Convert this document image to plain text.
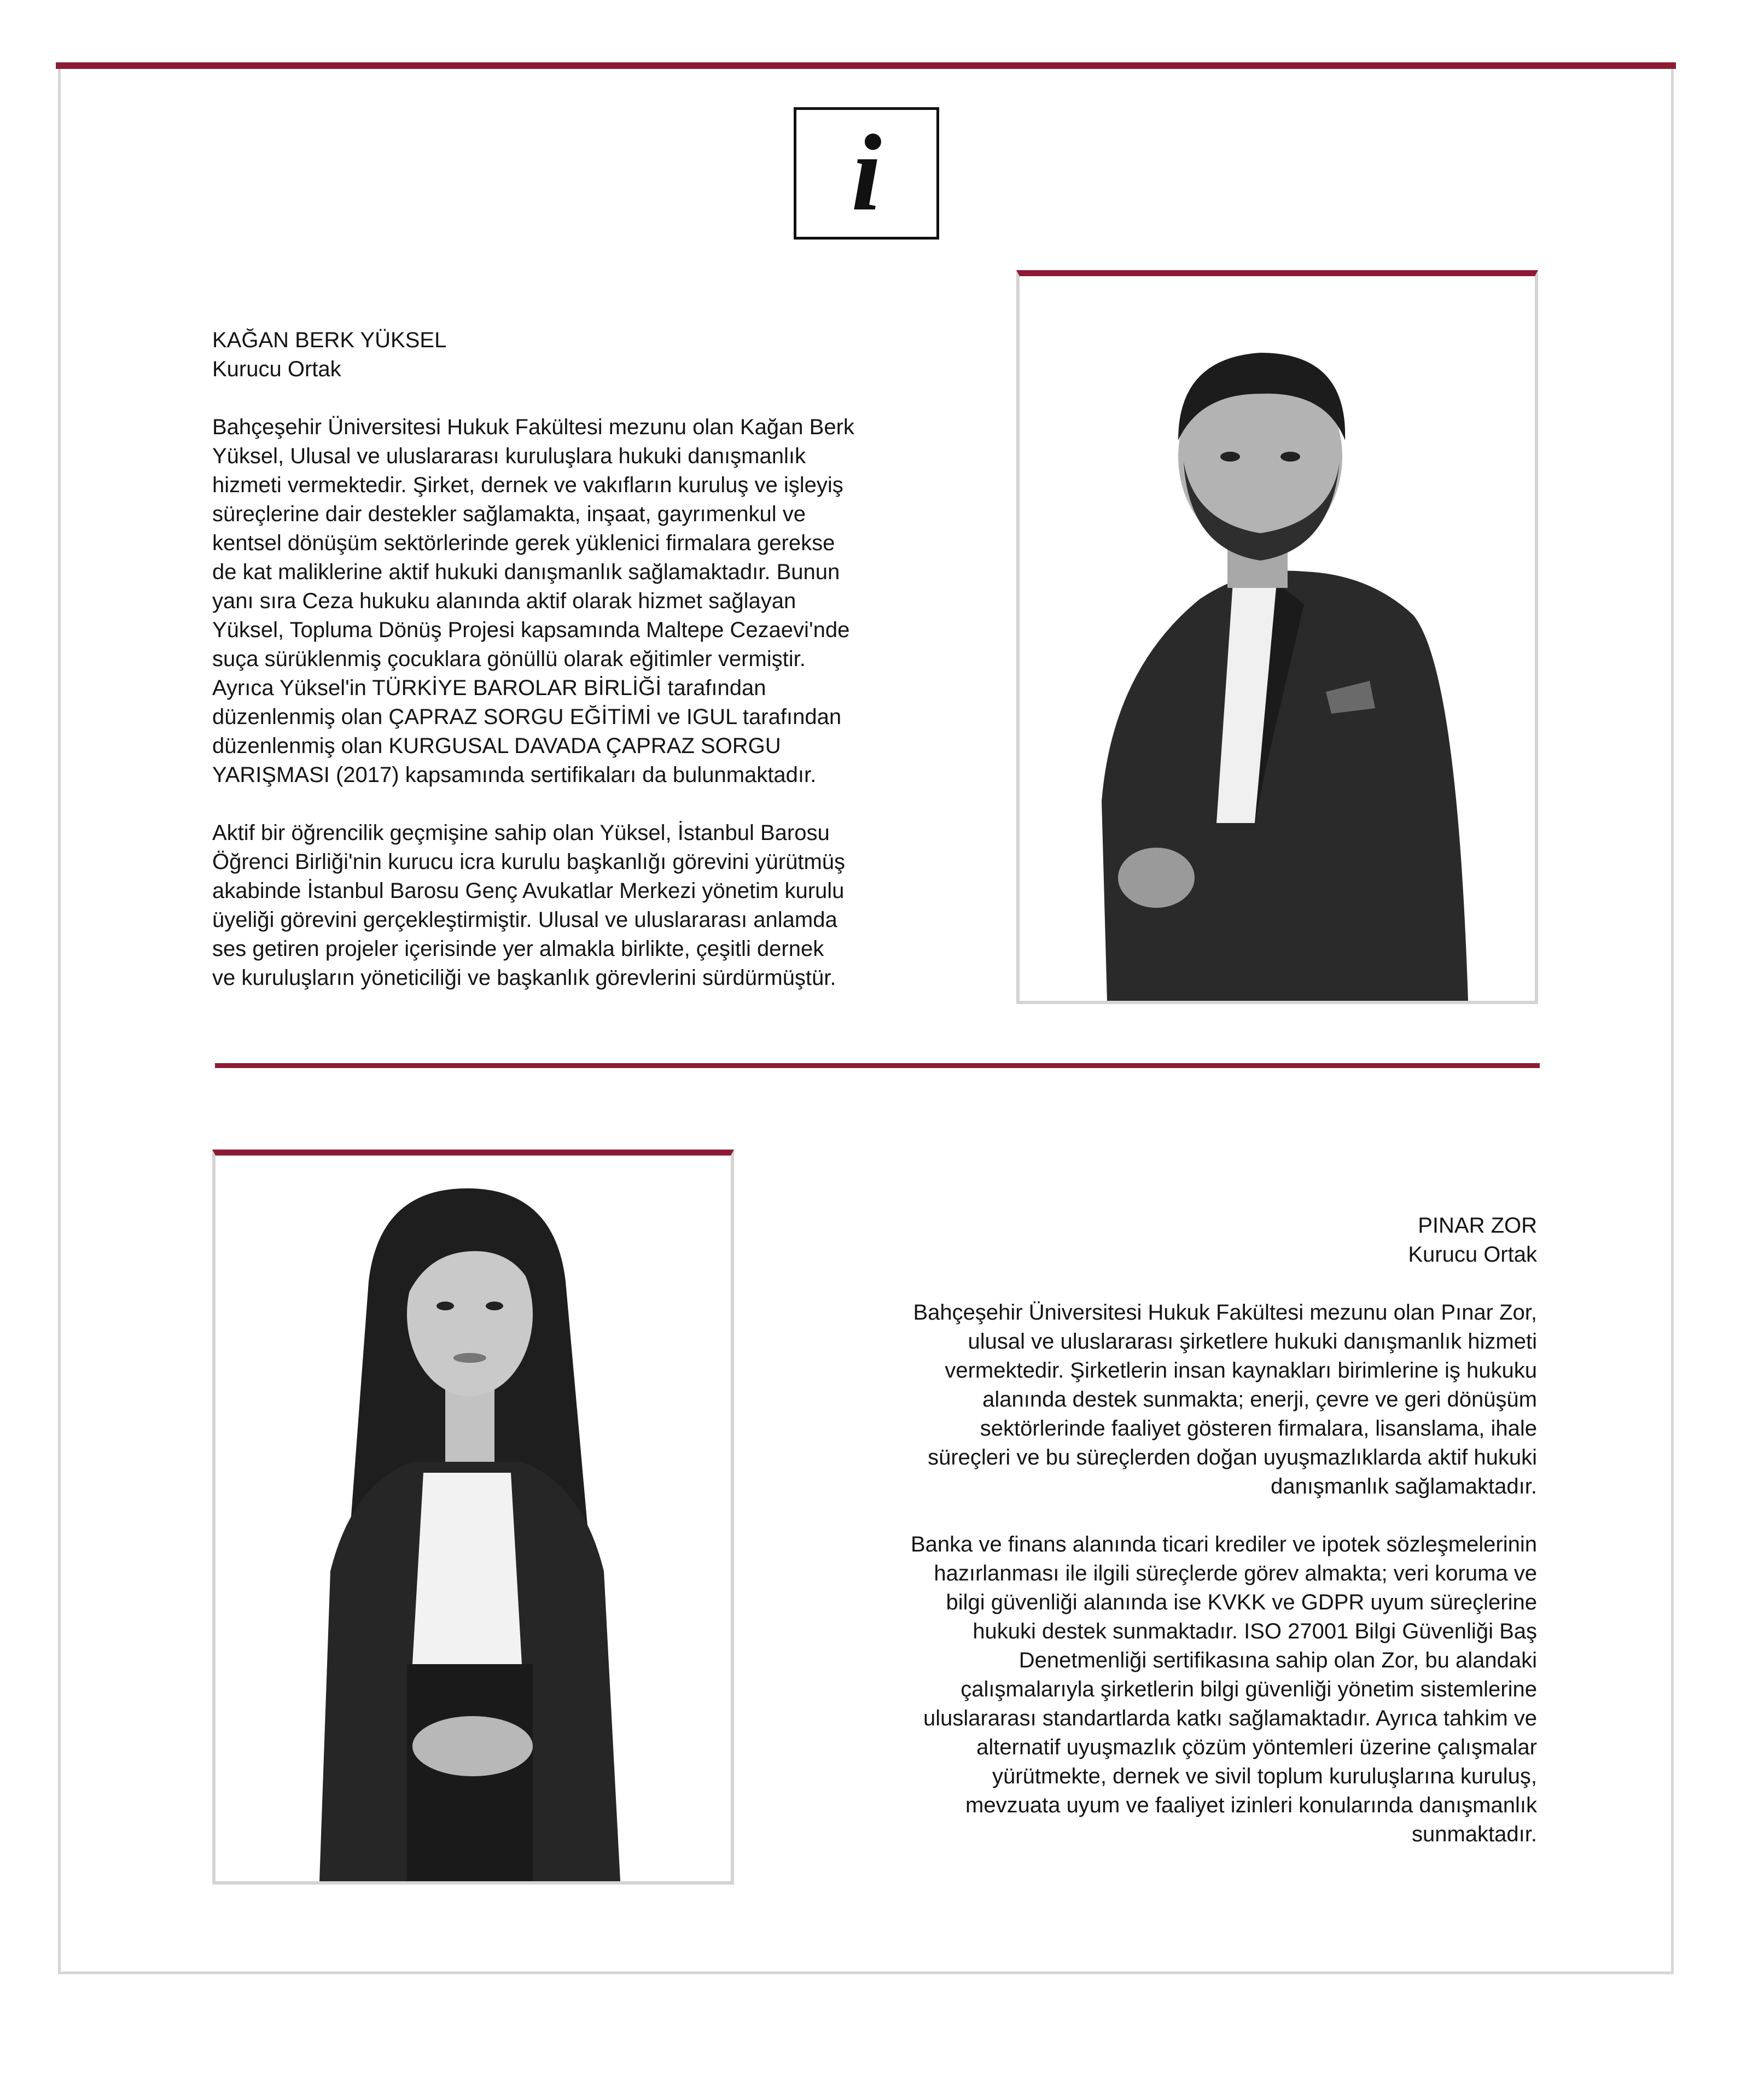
i

KAĞAN BERK YÜKSEL

Kurucu Ortak

Bahçeşehir Üniversitesi Hukuk Fakültesi mezunu olan Kağan Berk

Yüksel, Ulusal ve uluslararası kuruluşlara hukuki danışmanlık

hizmeti vermektedir. Şirket, dernek ve vakıfların kuruluş ve işleyiş

süreçlerine dair destekler sağlamakta, inşaat, gayrımenkul ve

kentsel dönüşüm sektörlerinde gerek yüklenici firmalara gerekse

de kat maliklerine aktif hukuki danışmanlık sağlamaktadır. Bunun

yanı sıra Ceza hukuku alanında aktif olarak hizmet sağlayan

Yüksel, Topluma Dönüş Projesi kapsamında Maltepe Cezaevi'nde

suça sürüklenmiş çocuklara gönüllü olarak eğitimler vermiştir.

Ayrıca Yüksel'in TÜRKİYE BAROLAR BİRLİĞİ tarafından

düzenlenmiş olan ÇAPRAZ SORGU EĞİTİMİ ve IGUL tarafından

düzenlenmiş olan KURGUSAL DAVADA ÇAPRAZ SORGU

YARIŞMASI (2017) kapsamında sertifikaları da bulunmaktadır.

Aktif bir öğrencilik geçmişine sahip olan Yüksel, İstanbul Barosu

Öğrenci Birliği'nin kurucu icra kurulu başkanlığı görevini yürütmüş

akabinde İstanbul Barosu Genç Avukatlar Merkezi yönetim kurulu

üyeliği görevini gerçekleştirmiştir. Ulusal ve uluslararası anlamda

ses getiren projeler içerisinde yer almakla birlikte, çeşitli dernek

ve kuruluşların yöneticiliği ve başkanlık görevlerini sürdürmüştür.

PINAR ZOR

Kurucu Ortak

Bahçeşehir Üniversitesi Hukuk Fakültesi mezunu olan Pınar Zor,

ulusal ve uluslararası şirketlere hukuki danışmanlık hizmeti

vermektedir. Şirketlerin insan kaynakları birimlerine iş hukuku

alanında destek sunmakta; enerji, çevre ve geri dönüşüm

sektörlerinde faaliyet gösteren firmalara, lisanslama, ihale

süreçleri ve bu süreçlerden doğan uyuşmazlıklarda aktif hukuki

danışmanlık sağlamaktadır.

Banka ve finans alanında ticari krediler ve ipotek sözleşmelerinin

hazırlanması ile ilgili süreçlerde görev almakta; veri koruma ve

bilgi güvenliği alanında ise KVKK ve GDPR uyum süreçlerine

hukuki destek sunmaktadır. ISO 27001 Bilgi Güvenliği Baş

Denetmenliği sertifikasına sahip olan Zor, bu alandaki

çalışmalarıyla şirketlerin bilgi güvenliği yönetim sistemlerine

uluslararası standartlarda katkı sağlamaktadır. Ayrıca tahkim ve

alternatif uyuşmazlık çözüm yöntemleri üzerine çalışmalar

yürütmekte, dernek ve sivil toplum kuruluşlarına kuruluş,

mevzuata uyum ve faaliyet izinleri konularında danışmanlık

sunmaktadır.
